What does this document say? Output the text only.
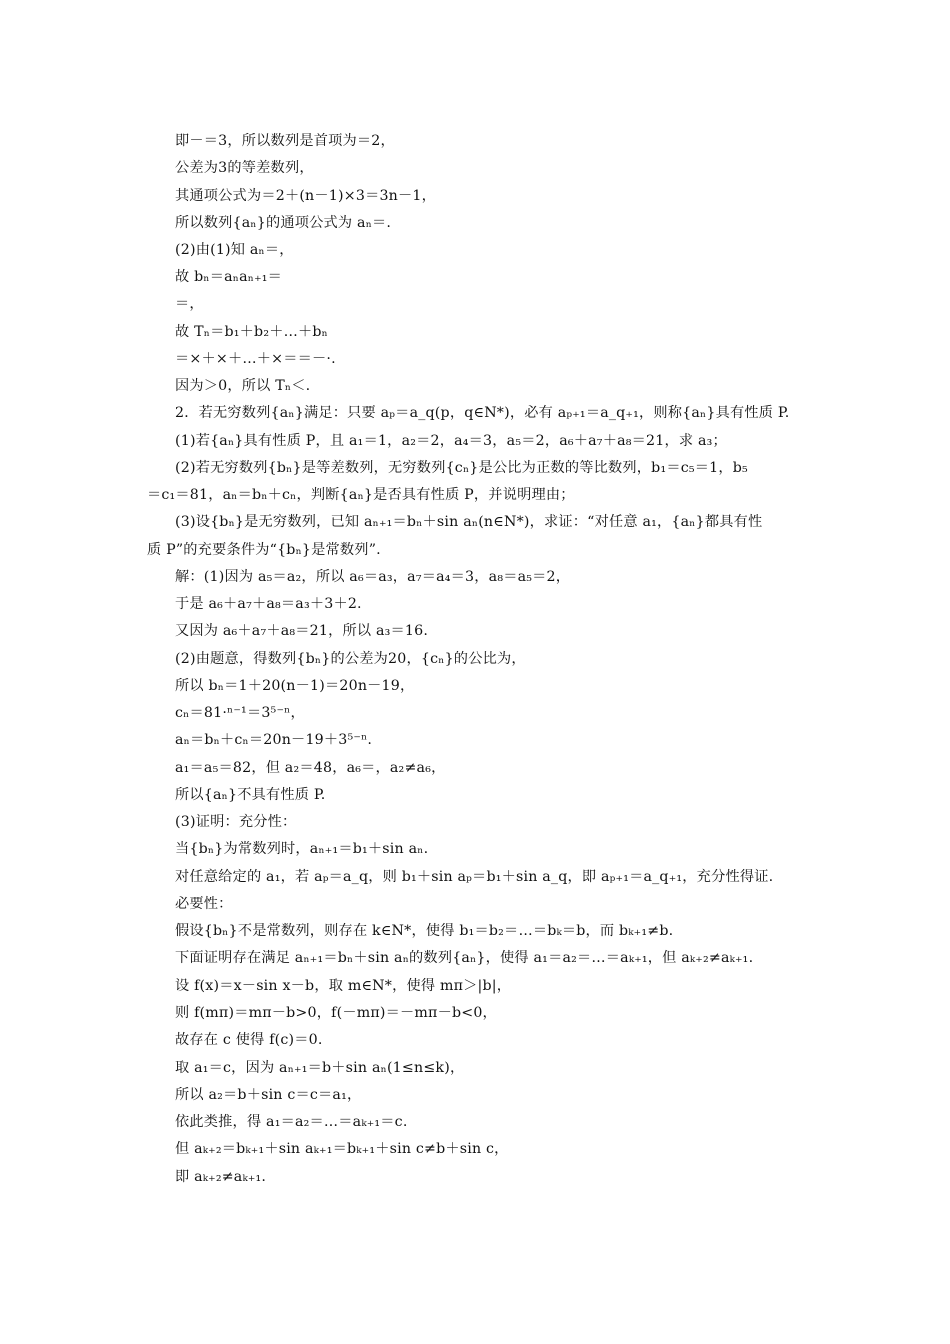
即－＝3，所以数列是首项为＝2，
公差为3的等差数列，
其通项公式为＝2＋(n－1)×3＝3n－1，
所以数列{aₙ}的通项公式为 aₙ＝.
(2)由(1)知 aₙ＝，
故 bₙ＝aₙaₙ₊₁＝
＝，
故 Tₙ＝b₁＋b₂＋…＋bₙ
＝×＋×＋…＋×＝＝－·.
因为＞0，所以 Tₙ＜.
2．若无穷数列{aₙ}满足：只要 aₚ＝a_q(p，q∈N*)，必有 aₚ₊₁＝a_q₊₁，则称{aₙ}具有性质 P.
(1)若{aₙ}具有性质 P，且 a₁＝1，a₂＝2，a₄＝3，a₅＝2，a₆＋a₇＋a₈＝21，求 a₃；
(2)若无穷数列{bₙ}是等差数列，无穷数列{cₙ}是公比为正数的等比数列，b₁＝c₅＝1，b₅
＝c₁＝81，aₙ＝bₙ＋cₙ，判断{aₙ}是否具有性质 P，并说明理由；
(3)设{bₙ}是无穷数列，已知 aₙ₊₁＝bₙ＋sin aₙ(n∈N*)，求证：“对任意 a₁，{aₙ}都具有性
质 P”的充要条件为“{bₙ}是常数列”.
解：(1)因为 a₅＝a₂，所以 a₆＝a₃，a₇＝a₄＝3，a₈＝a₅＝2，
于是 a₆＋a₇＋a₈＝a₃＋3＋2.
又因为 a₆＋a₇＋a₈＝21，所以 a₃＝16.
(2)由题意，得数列{bₙ}的公差为20，{cₙ}的公比为，
所以 bₙ＝1＋20(n－1)＝20n－19，
cₙ＝81·ⁿ⁻¹＝3⁵⁻ⁿ，
aₙ＝bₙ＋cₙ＝20n－19＋3⁵⁻ⁿ.
a₁＝a₅＝82，但 a₂＝48，a₆＝，a₂≠a₆，
所以{aₙ}不具有性质 P.
(3)证明：充分性：
当{bₙ}为常数列时，aₙ₊₁＝b₁＋sin aₙ.
对任意给定的 a₁，若 aₚ＝a_q，则 b₁＋sin aₚ＝b₁＋sin a_q，即 aₚ₊₁＝a_q₊₁，充分性得证.
必要性：
假设{bₙ}不是常数列，则存在 k∈N*，使得 b₁＝b₂＝…＝bₖ＝b，而 bₖ₊₁≠b.
下面证明存在满足 aₙ₊₁＝bₙ＋sin aₙ的数列{aₙ}，使得 a₁＝a₂＝…＝aₖ₊₁，但 aₖ₊₂≠aₖ₊₁.
设 f(x)＝x－sin x－b，取 m∈N*，使得 mπ＞|b|，
则 f(mπ)＝mπ－b>0，f(－mπ)＝－mπ－b<0，
故存在 c 使得 f(c)＝0.
取 a₁＝c，因为 aₙ₊₁＝b＋sin aₙ(1≤n≤k)，
所以 a₂＝b＋sin c＝c＝a₁，
依此类推，得 a₁＝a₂＝…＝aₖ₊₁＝c.
但 aₖ₊₂＝bₖ₊₁＋sin aₖ₊₁＝bₖ₊₁＋sin c≠b＋sin c，
即 aₖ₊₂≠aₖ₊₁.
